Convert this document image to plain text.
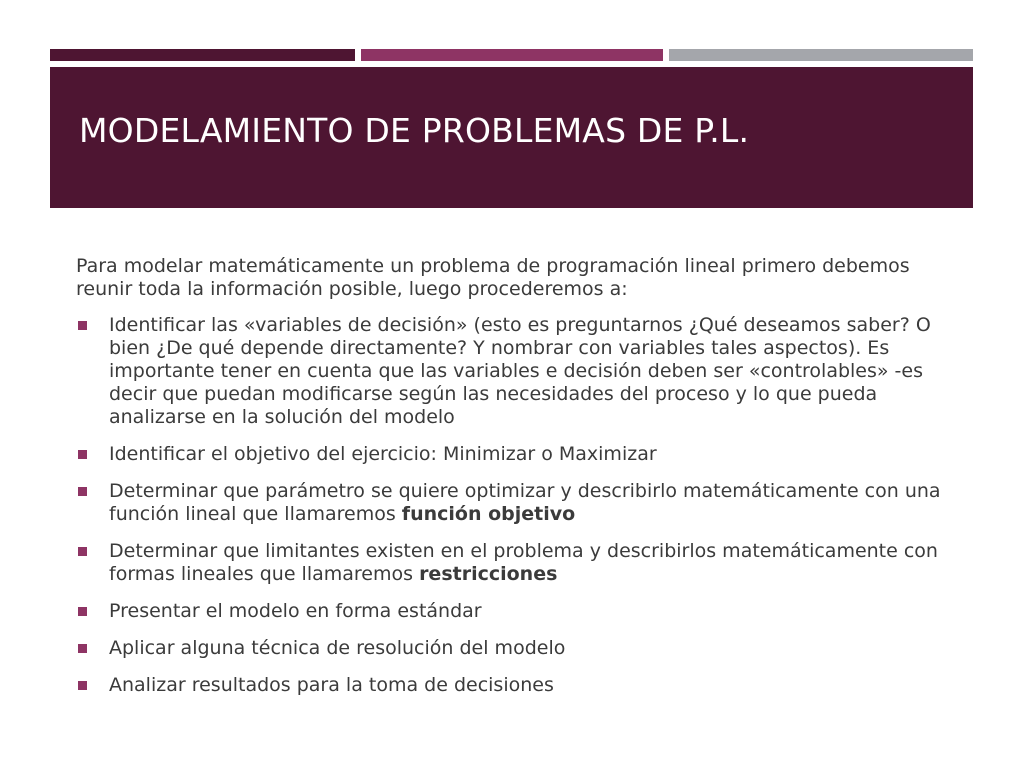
MODELAMIENTO DE PROBLEMAS DE P.L.

Para modelar matemáticamente un problema de programación lineal primero debemos reunir toda la información posible, luego procederemos a:

Identificar las «variables de decisión» (esto es preguntarnos ¿Qué deseamos saber? O bien ¿De qué depende directamente? Y nombrar con variables tales aspectos). Es importante tener en cuenta que las variables e decisión deben ser «controlables» -es decir que puedan modificarse según las necesidades del proceso y lo que pueda analizarse en la solución del modelo
Identificar el objetivo del ejercicio: Minimizar o Maximizar
Determinar que parámetro se quiere optimizar y describirlo matemáticamente con una función lineal que llamaremos función objetivo
Determinar que limitantes existen en el problema y describirlos matemáticamente con formas lineales que llamaremos restricciones
Presentar el modelo en forma estándar
Aplicar alguna técnica de resolución del modelo
Analizar resultados para la toma de decisiones
